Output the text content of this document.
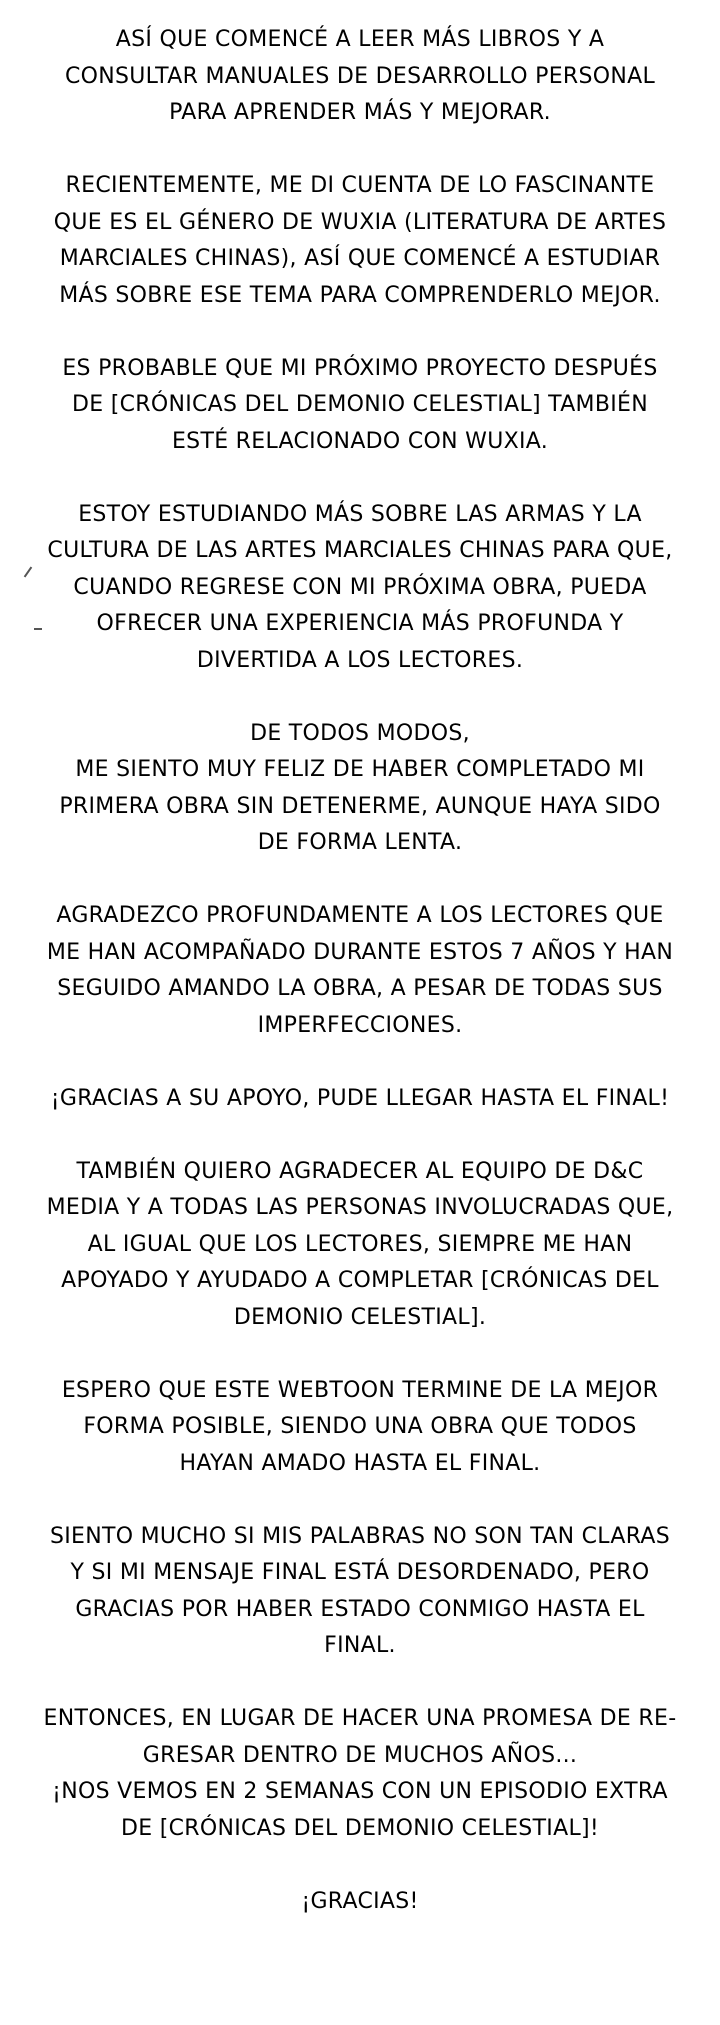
ASÍ QUE COMENCÉ A LEER MÁS LIBROS Y A
CONSULTAR MANUALES DE DESARROLLO PERSONAL
PARA APRENDER MÁS Y MEJORAR.
RECIENTEMENTE, ME DI CUENTA DE LO FASCINANTE
QUE ES EL GÉNERO DE WUXIA (LITERATURA DE ARTES
MARCIALES CHINAS), ASÍ QUE COMENCÉ A ESTUDIAR
MÁS SOBRE ESE TEMA PARA COMPRENDERLO MEJOR.
ES PROBABLE QUE MI PRÓXIMO PROYECTO DESPUÉS
DE [CRÓNICAS DEL DEMONIO CELESTIAL] TAMBIÉN
ESTÉ RELACIONADO CON WUXIA.
ESTOY ESTUDIANDO MÁS SOBRE LAS ARMAS Y LA
CULTURA DE LAS ARTES MARCIALES CHINAS PARA QUE,
CUANDO REGRESE CON MI PRÓXIMA OBRA, PUEDA
OFRECER UNA EXPERIENCIA MÁS PROFUNDA Y
DIVERTIDA A LOS LECTORES.
DE TODOS MODOS,
ME SIENTO MUY FELIZ DE HABER COMPLETADO MI
PRIMERA OBRA SIN DETENERME, AUNQUE HAYA SIDO
DE FORMA LENTA.
AGRADEZCO PROFUNDAMENTE A LOS LECTORES QUE
ME HAN ACOMPAÑADO DURANTE ESTOS 7 AÑOS Y HAN
SEGUIDO AMANDO LA OBRA, A PESAR DE TODAS SUS
IMPERFECCIONES.
¡GRACIAS A SU APOYO, PUDE LLEGAR HASTA EL FINAL!
TAMBIÉN QUIERO AGRADECER AL EQUIPO DE D&C
MEDIA Y A TODAS LAS PERSONAS INVOLUCRADAS QUE,
AL IGUAL QUE LOS LECTORES, SIEMPRE ME HAN
APOYADO Y AYUDADO A COMPLETAR [CRÓNICAS DEL
DEMONIO CELESTIAL].
ESPERO QUE ESTE WEBTOON TERMINE DE LA MEJOR
FORMA POSIBLE, SIENDO UNA OBRA QUE TODOS
HAYAN AMADO HASTA EL FINAL.
SIENTO MUCHO SI MIS PALABRAS NO SON TAN CLARAS
Y SI MI MENSAJE FINAL ESTÁ DESORDENADO, PERO
GRACIAS POR HABER ESTADO CONMIGO HASTA EL
FINAL.
ENTONCES, EN LUGAR DE HACER UNA PROMESA DE RE-
GRESAR DENTRO DE MUCHOS AÑOS...
¡NOS VEMOS EN 2 SEMANAS CON UN EPISODIO EXTRA
DE [CRÓNICAS DEL DEMONIO CELESTIAL]!
¡GRACIAS!
